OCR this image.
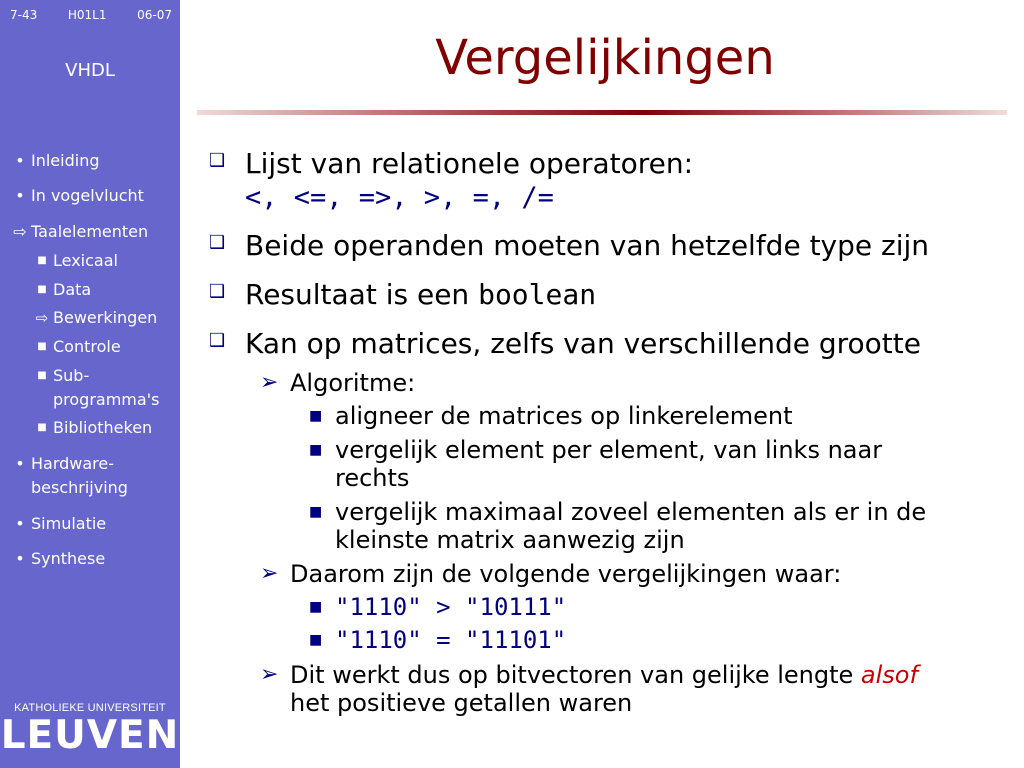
7-43	H01L1	06-07
VHDL
• Inleiding
• In vogelvlucht
⇨ Taalelementen
■ Lexicaal
■ Data
⇨ Bewerkingen
■ Controle
■ Sub-
programma's
■ Bibliotheken
• Hardware-
beschrijving
• Simulatie
• Synthese
KATHOLIEKE UNIVERSITEIT
LEUVEN
Vergelijkingen
❑ Lijst van relationele operatoren:
<, <=, =>, >, =, /=
❑ Beide operanden moeten van hetzelfde type zijn
❑ Resultaat is een boolean
❑ Kan op matrices, zelfs van verschillende grootte
➢ Algoritme:
■ aligneer de matrices op linkerelement
■ vergelijk element per element, van links naar
rechts
■ vergelijk maximaal zoveel elementen als er in de
kleinste matrix aanwezig zijn
➢ Daarom zijn de volgende vergelijkingen waar:
■ "1110" > "10111"
■ "1110" = "11101"
➢ Dit werkt dus op bitvectoren van gelijke lengte alsof
het positieve getallen waren
